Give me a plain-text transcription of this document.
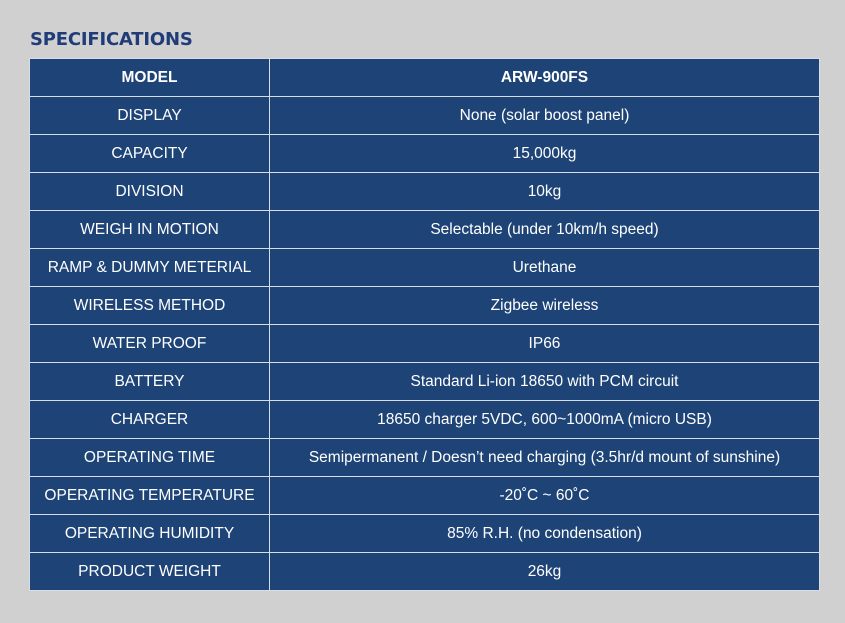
SPECIFICATIONS
MODEL	ARW-900FS
DISPLAY	None (solar boost panel)
CAPACITY	15,000kg
DIVISION	10kg
WEIGH IN MOTION	Selectable (under 10km/h speed)
RAMP & DUMMY METERIAL	Urethane
WIRELESS METHOD	Zigbee wireless
WATER PROOF	IP66
BATTERY	Standard Li-ion 18650 with PCM circuit
CHARGER	18650 charger 5VDC, 600~1000mA (micro USB)
OPERATING TIME	Semipermanent / Doesn’t need charging (3.5hr/d mount of sunshine)
OPERATING TEMPERATURE	-20˚C ~ 60˚C
OPERATING HUMIDITY	85% R.H. (no condensation)
PRODUCT WEIGHT	26kg
